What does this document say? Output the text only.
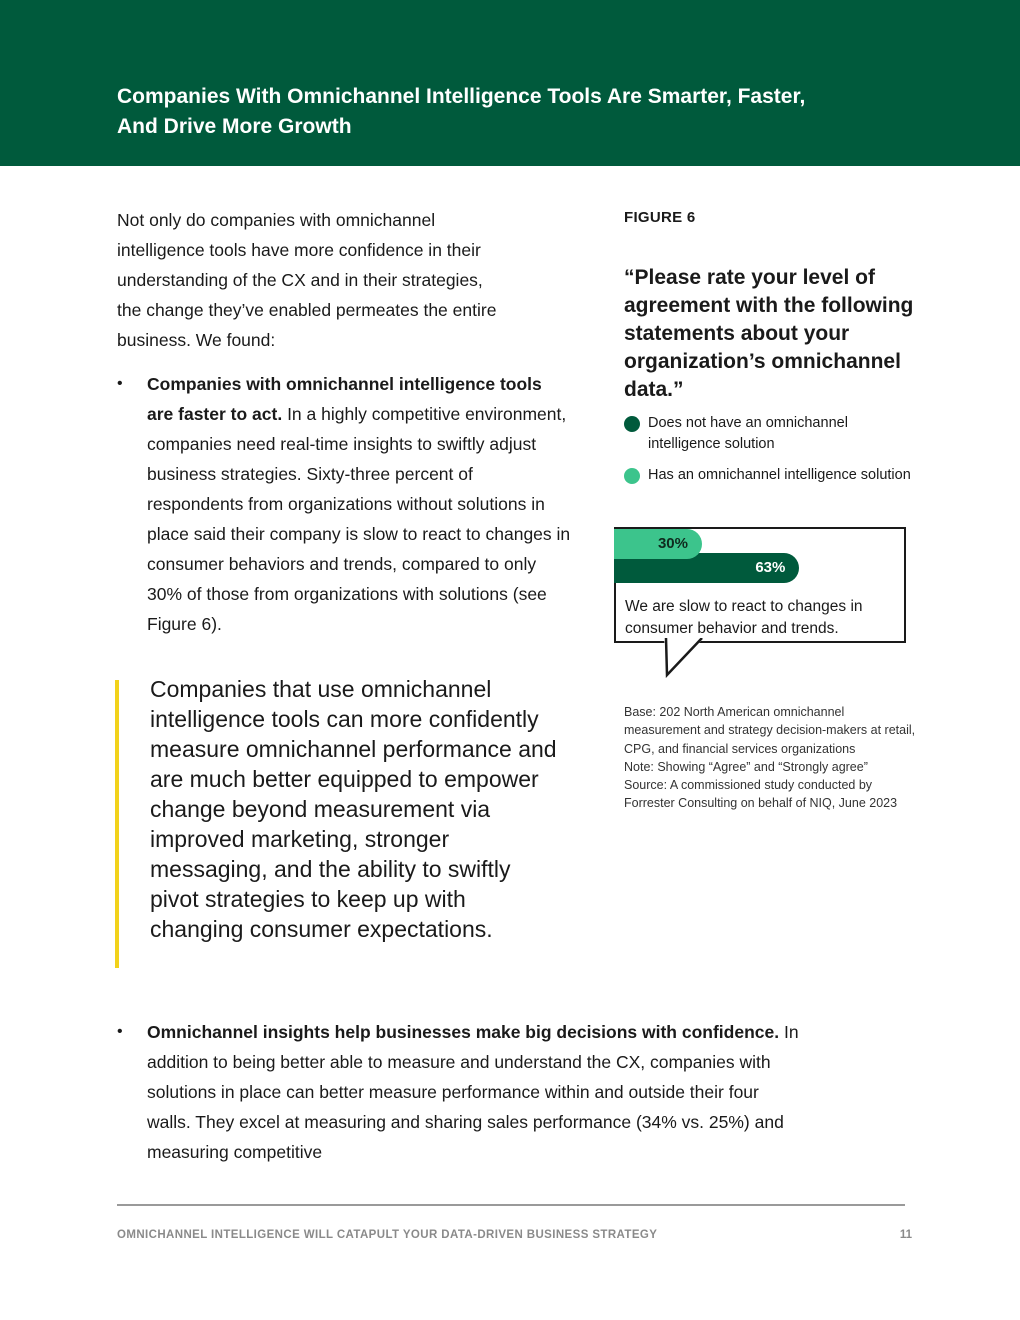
Companies With Omnichannel Intelligence Tools Are Smarter, Faster,
And Drive More Growth

Not only do companies with omnichannel
intelligence tools have more confidence in their
understanding of the CX and in their strategies,
the change they’ve enabled permeates the entire
business. We found:

•	Companies with omnichannel intelligence tools are faster to act. In a highly competitive environment, companies need real-time insights to swiftly adjust business strategies. Sixty-three percent of respondents from organizations without solutions in place said their company is slow to react to changes in consumer behaviors and trends, compared to only 30% of those from organizations with solutions (see Figure 6).
Companies that use omnichannel intelligence tools can more confidently measure omnichannel performance and are much better equipped to empower change beyond measurement via improved marketing, stronger messaging, and the ability to swiftly pivot strategies to keep up with changing consumer expectations.
•	Omnichannel insights help businesses make big decisions with confidence. In addition to being better able to measure and understand the CX, companies with solutions in place can better measure performance within and outside their four walls. They excel at measuring and sharing sales performance (34% vs. 25%) and measuring competitive
FIGURE 6
“Please rate your level of agreement with the following statements about your organization’s omnichannel data.”
Does not have an omnichannel intelligence solution
Has an omnichannel intelligence solution
We are slow to react to changes in consumer behavior and trends.
63%
30%
Base: 202 North American omnichannel measurement and strategy decision-makers at retail, CPG, and financial services organizations
Note: Showing “Agree” and “Strongly agree”
Source: A commissioned study conducted by Forrester Consulting on behalf of NIQ, June 2023
OMNICHANNEL INTELLIGENCE WILL CATAPULT YOUR DATA-DRIVEN BUSINESS STRATEGY	11
